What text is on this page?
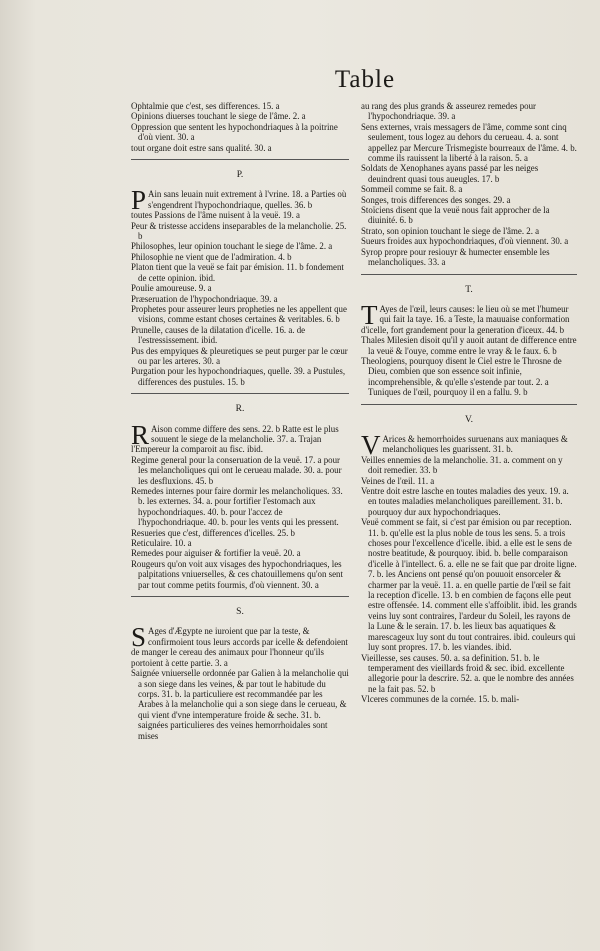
Table

Ophtalmie que c'est, ses differences. 15. a

Opinions diuerses touchant le siege de l'âme. 2. a

Oppression que sentent les hypochondriaques à la poitrine d'où vient. 30. a

tout organe doit estre sans qualité. 30. a

P.

P Ain sans leuain nuit extrement à l'vrine. 18. a Parties où s'engendrent l'hypochondriaque, quelles. 36. b

toutes Passions de l'âme nuisent à la veuë. 19. a

Peur & tristesse accidens inseparables de la melancholie. 25. b

Philosophes, leur opinion touchant le siege de l'âme. 2. a

Philosophie ne vient que de l'admiration. 4. b

Platon tient que la veuë se fait par émision. 11. b fondement de cette opinion. ibid.

Poulie amoureuse. 9. a

Præseruation de l'hypochondriaque. 39. a

Prophetes pour asseurer leurs propheties ne les appellent que visions, comme estant choses certaines & veritables. 6. b

Prunelle, causes de la dilatation d'icelle. 16. a. de l'estressissement. ibid.

Pus des empyiques & pleuretiques se peut purger par le cœur ou par les arteres. 30. a

Purgation pour les hypochondriaques, quelle. 39. a Pustules, differences des pustules. 15. b

R.

R Aison comme differe des sens. 22. b Ratte est le plus souuent le siege de la melancholie. 37. a. Trajan l'Empereur la comparoit au fisc. ibid.

Regime general pour la conseruation de la veuë. 17. a pour les melancholiques qui ont le cerueau malade. 30. a. pour les desfluxions. 45. b

Remedes internes pour faire dormir les melancholiques. 33. b. les externes. 34. a. pour fortifier l'estomach aux hypochondriaques. 40. b. pour l'accez de l'hypochondriaque. 40. b. pour les vents qui les pressent.

Resueries que c'est, differences d'icelles. 25. b

Reticulaire. 10. a

Remedes pour aiguiser & fortifier la veuë. 20. a

Rougeurs qu'on voit aux visages des hypochondriaques, les palpitations vniuerselles, & ces chatouillemens qu'on sent par tout comme petits fourmis, d'où viennent. 30. a

S.

S Ages d'Ægypte ne iuroient que par la teste, & confirmoient tous leurs accords par icelle & defendoient de manger le cereau des animaux pour l'honneur qu'ils portoient à cette partie. 3. a

Saignée vniuerselle ordonnée par Galien à la melancholie qui a son siege dans les veines, & par tout le habitude du corps. 31. b. la particuliere est recommandée par les Arabes à la melancholie qui a son siege dans le cerueau, & qui vient d'vne intemperature froide & seche. 31. b. saignées particulieres des veines hemorrhoidales sont mises

au rang des plus grands & asseurez remedes pour l'hypochondriaque. 39. a

Sens externes, vrais messagers de l'âme, comme sont cinq seulement, tous logez au dehors du cerueau. 4. a. sont appellez par Mercure Trismegiste bourreaux de l'âme. 4. b. comme ils rauissent la liberté à la raison. 5. a

Soldats de Xenophanes ayans passé par les neiges deuindrent quasi tous aueugles. 17. b

Sommeil comme se fait. 8. a

Songes, trois differences des songes. 29. a

Stoïciens disent que la veuë nous fait approcher de la diuinité. 6. b

Strato, son opinion touchant le siege de l'âme. 2. a

Sueurs froides aux hypochondriaques, d'où viennent. 30. a

Syrop propre pour resiouyr & humecter ensemble les melancholiques. 33. a

T.

T Ayes de l'œil, leurs causes: le lieu où se met l'humeur qui fait la taye. 16. a Teste, la mauuaise conformation d'icelle, fort grandement pour la generation d'iceux. 44. b

Thales Milesien disoit qu'il y auoit autant de difference entre la veuë & l'ouye, comme entre le vray & le faux. 6. b

Theologiens, pourquoy disent le Ciel estre le Throsne de Dieu, combien que son essence soit infinie, incomprehensible, & qu'elle s'estende par tout. 2. a Tuniques de l'œil, pourquoy il en a fallu. 9. b

V.

V Arices & hemorrhoides suruenans aux maniaques & melancholiques les guarissent. 31. b.

Veilles ennemies de la melancholie. 31. a. comment on y doit remedier. 33. b

Veines de l'œil. 11. a

Ventre doit estre lasche en toutes maladies des yeux. 19. a. en toutes maladies melancholiques pareillement. 31. b. pourquoy dur aux hypochondriaques.

Veuë comment se fait, si c'est par émision ou par reception. 11. b. qu'elle est la plus noble de tous les sens. 5. a trois choses pour l'excellence d'icelle. ibid. a elle est le sens de nostre beatitude, & pourquoy. ibid. b. belle comparaison d'icelle à l'intellect. 6. a. elle ne se fait que par droite ligne. 7. b. les Anciens ont pensé qu'on pouuoit ensorceler & charmer par la veuë. 11. a. en quelle partie de l'œil se fait la reception d'icelle. 13. b en combien de façons elle peut estre offensée. 14. comment elle s'affoiblit. ibid. les grands veins luy sont contraires, l'ardeur du Soleil, les rayons de la Lune & le serain. 17. b. les lieux bas aquatiques & marescageux luy sont du tout contraires. ibid. couleurs qui luy sont propres. 17. b. les viandes. ibid.

Vieillesse, ses causes. 50. a. sa definition. 51. b. le temperament des vieillards froid & sec. ibid. excellente allegorie pour la descrire. 52. a. que le nombre des années ne la fait pas. 52. b

Vlceres communes de la cornée. 15. b. mali-
